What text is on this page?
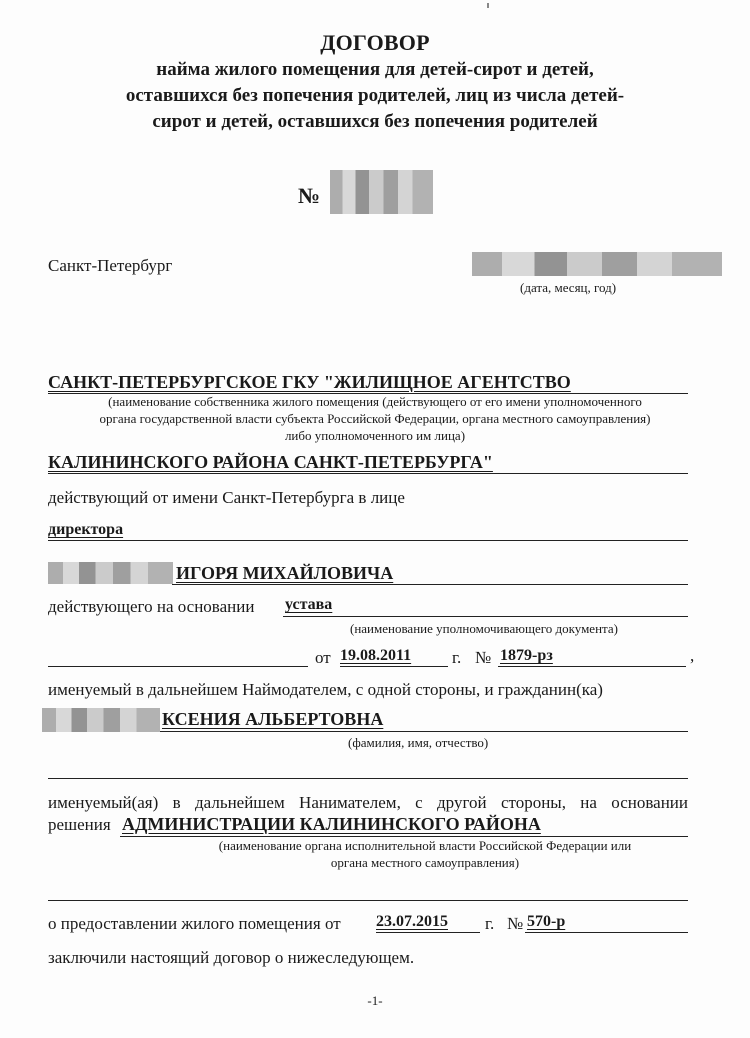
ДОГОВОР
найма жилого помещения для детей-сирот и детей,
оставшихся без попечения родителей, лиц из числа детей-
сирот и детей, оставшихся без попечения родителей
№
Санкт-Петербург
(дата, месяц, год)
САНКТ-ПЕТЕРБУРГСКОЕ ГКУ "ЖИЛИЩНОЕ АГЕНТСТВО
(наименование собственника жилого помещения (действующего от его имени уполномоченного
органа государственной власти субъекта Российской Федерации, органа местного самоуправления)
либо уполномоченного им лица)
КАЛИНИНСКОГО РАЙОНА САНКТ-ПЕТЕРБУРГА"
действующий от имени Санкт-Петербурга в лице
директора
ИГОРЯ МИХАЙЛОВИЧА
действующего на основании устава
(наименование уполномочивающего документа)
от 19.08.2011 г. № 1879-рз	,
именуемый в дальнейшем Наймодателем, с одной стороны, и гражданин(ка)
КСЕНИЯ АЛЬБЕРТОВНА
(фамилия, имя, отчество)
именуемый(ая) в дальнейшем Нанимателем, с другой стороны, на основании
решения АДМИНИСТРАЦИИ КАЛИНИНСКОГО РАЙОНА
(наименование органа исполнительной власти Российской Федерации или
органа местного самоуправления)
о предоставлении жилого помещения от 23.07.2015 г. № 570-р
заключили настоящий договор о нижеследующем.
-1-
